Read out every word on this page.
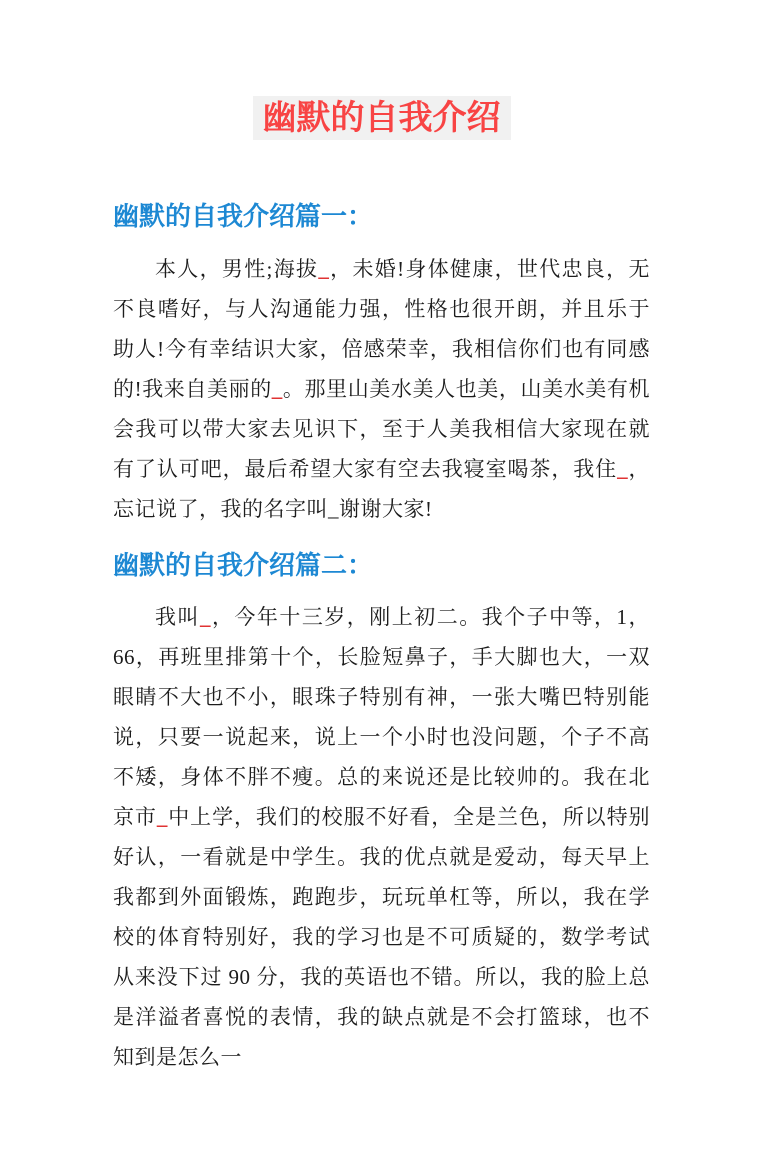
幽默的自我介绍
幽默的自我介绍篇一：

本人，男性;海拔_，未婚!身体健康，世代忠良，无不良嗜好，与人沟通能力强，性格也很开朗，并且乐于助人!今有幸结识大家，倍感荣幸，我相信你们也有同感的!我来自美丽的_。那里山美水美人也美，山美水美有机会我可以带大家去见识下，至于人美我相信大家现在就有了认可吧，最后希望大家有空去我寝室喝茶，我住_，忘记说了，我的名字叫_谢谢大家!

幽默的自我介绍篇二：

我叫_，今年十三岁，刚上初二。我个子中等，1，66，再班里排第十个，长脸短鼻子，手大脚也大，一双眼睛不大也不小，眼珠子特别有神，一张大嘴巴特别能说，只要一说起来，说上一个小时也没问题，个子不高不矮，身体不胖不瘦。总的来说还是比较帅的。我在北京市_中上学，我们的校服不好看，全是兰色，所以特别好认，一看就是中学生。我的优点就是爱动，每天早上我都到外面锻炼，跑跑步，玩玩单杠等，所以，我在学校的体育特别好，我的学习也是不可质疑的，数学考试从来没下过 90 分，我的英语也不错。所以，我的脸上总是洋溢者喜悦的表情，我的缺点就是不会打篮球，也不知到是怎么一
